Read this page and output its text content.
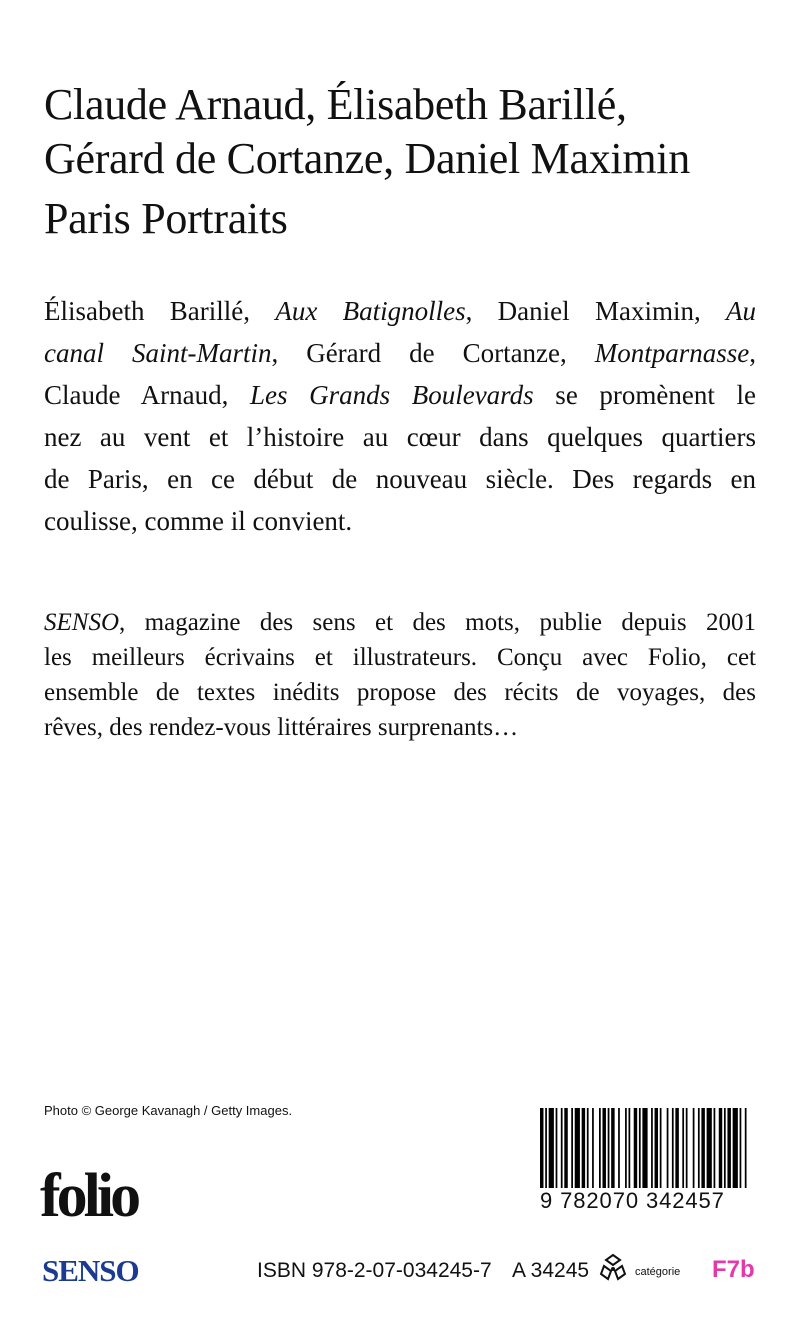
Claude Arnaud, Élisabeth Barillé,
Gérard de Cortanze, Daniel Maximin
Paris Portraits
Élisabeth Barillé, Aux Batignolles, Daniel Maximin, Au
canal Saint-Martin, Gérard de Cortanze, Montparnasse,
Claude Arnaud, Les Grands Boulevards se promènent le
nez au vent et l’histoire au cœur dans quelques quartiers
de Paris, en ce début de nouveau siècle. Des regards en
coulisse, comme il convient.
SENSO, magazine des sens et des mots, publie depuis 2001
les meilleurs écrivains et illustrateurs. Conçu avec Folio, cet
ensemble de textes inédits propose des récits de voyages, des
rêves, des rendez-vous littéraires surprenants…
Photo © George Kavanagh / Getty Images.
folio
SENSO
9 782070 342457
ISBN 978-2-07-034245-7 A 34245	catégorie F7b
